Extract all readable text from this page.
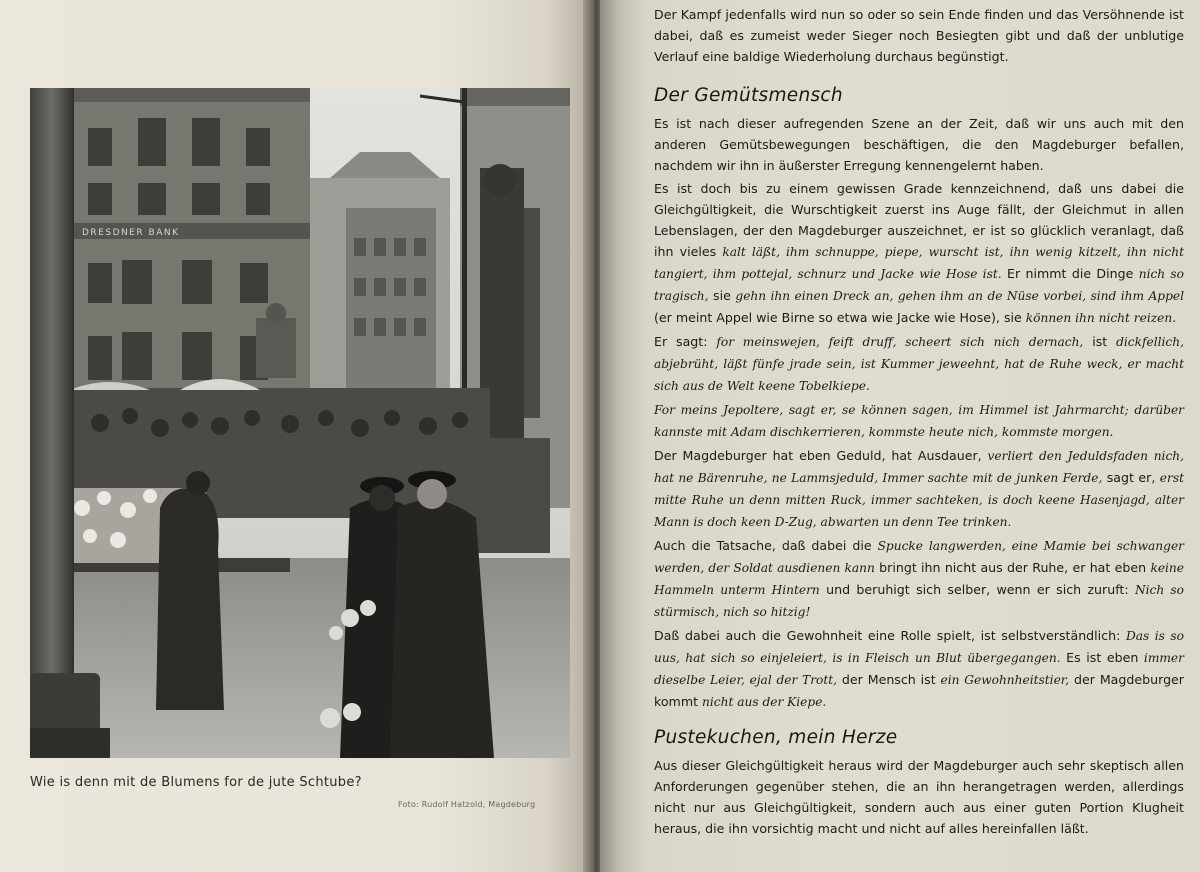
DRESDNER BANK
Wie is denn mit de Blumens for de jute Schtube?
Foto: Rudolf Hatzold, Magdeburg

Der Kampf jedenfalls wird nun so oder so sein Ende finden und das Versöhnende ist dabei, daß es zumeist weder Sieger noch Besiegten gibt und daß der unblutige Verlauf eine baldige Wiederholung durchaus begünstigt.

Der Gemütsmensch

Es ist nach dieser aufregenden Szene an der Zeit, daß wir uns auch mit den anderen Gemütsbewegungen beschäftigen, die den Magdeburger befallen, nachdem wir ihn in äußerster Erregung kennengelernt haben.

Es ist doch bis zu einem gewissen Grade kennzeichnend, daß uns dabei die Gleichgültigkeit, die Wurschtigkeit zuerst ins Auge fällt, der Gleichmut in allen Lebenslagen, der den Magdeburger auszeichnet, er ist so glücklich veranlagt, daß ihn vieles kalt läßt, ihm schnuppe, piepe, wurscht ist, ihn wenig kitzelt, ihn nicht tangiert, ihm pottejal, schnurz und Jacke wie Hose ist. Er nimmt die Dinge nich so tragisch, sie gehn ihn einen Dreck an, gehen ihm an de Nüse vorbei, sind ihm Appel (er meint Appel wie Birne so etwa wie Jacke wie Hose), sie können ihn nicht reizen.

Er sagt: for meinswejen, feift druff, scheert sich nich dernach, ist dickfellich, abjebrüht, läßt fünfe jrade sein, ist Kummer jeweehnt, hat de Ruhe weck, er macht sich aus de Welt keene Tobelkiepe.

For meins Jepoltere, sagt er, se können sagen, im Himmel ist Jahrmarcht; darüber kannste mit Adam dischkerrieren, kommste heute nich, kommste morgen.

Der Magdeburger hat eben Geduld, hat Ausdauer, verliert den Jeduldsfaden nich, hat ne Bärenruhe, ne Lammsjeduld, Immer sachte mit de junken Ferde, sagt er, erst mitte Ruhe un denn mitten Ruck, immer sachteken, is doch keene Hasenjagd, alter Mann is doch keen D-Zug, abwarten un denn Tee trinken.

Auch die Tatsache, daß dabei die Spucke langwerden, eine Mamie bei schwanger werden, der Soldat ausdienen kann bringt ihn nicht aus der Ruhe, er hat eben keine Hammeln unterm Hintern und beruhigt sich selber, wenn er sich zuruft: Nich so stürmisch, nich so hitzig!

Daß dabei auch die Gewohnheit eine Rolle spielt, ist selbstverständlich: Das is so uus, hat sich so einjeleiert, is in Fleisch un Blut übergegangen. Es ist eben immer dieselbe Leier, ejal der Trott, der Mensch ist ein Gewohnheitstier, der Magdeburger kommt nicht aus der Kiepe.

Pustekuchen, mein Herze

Aus dieser Gleichgültigkeit heraus wird der Magdeburger auch sehr skeptisch allen Anforderungen gegenüber stehen, die an ihn herangetragen werden, allerdings nicht nur aus Gleichgültigkeit, sondern auch aus einer guten Portion Klugheit heraus, die ihn vorsichtig macht und nicht auf alles hereinfallen läßt.
